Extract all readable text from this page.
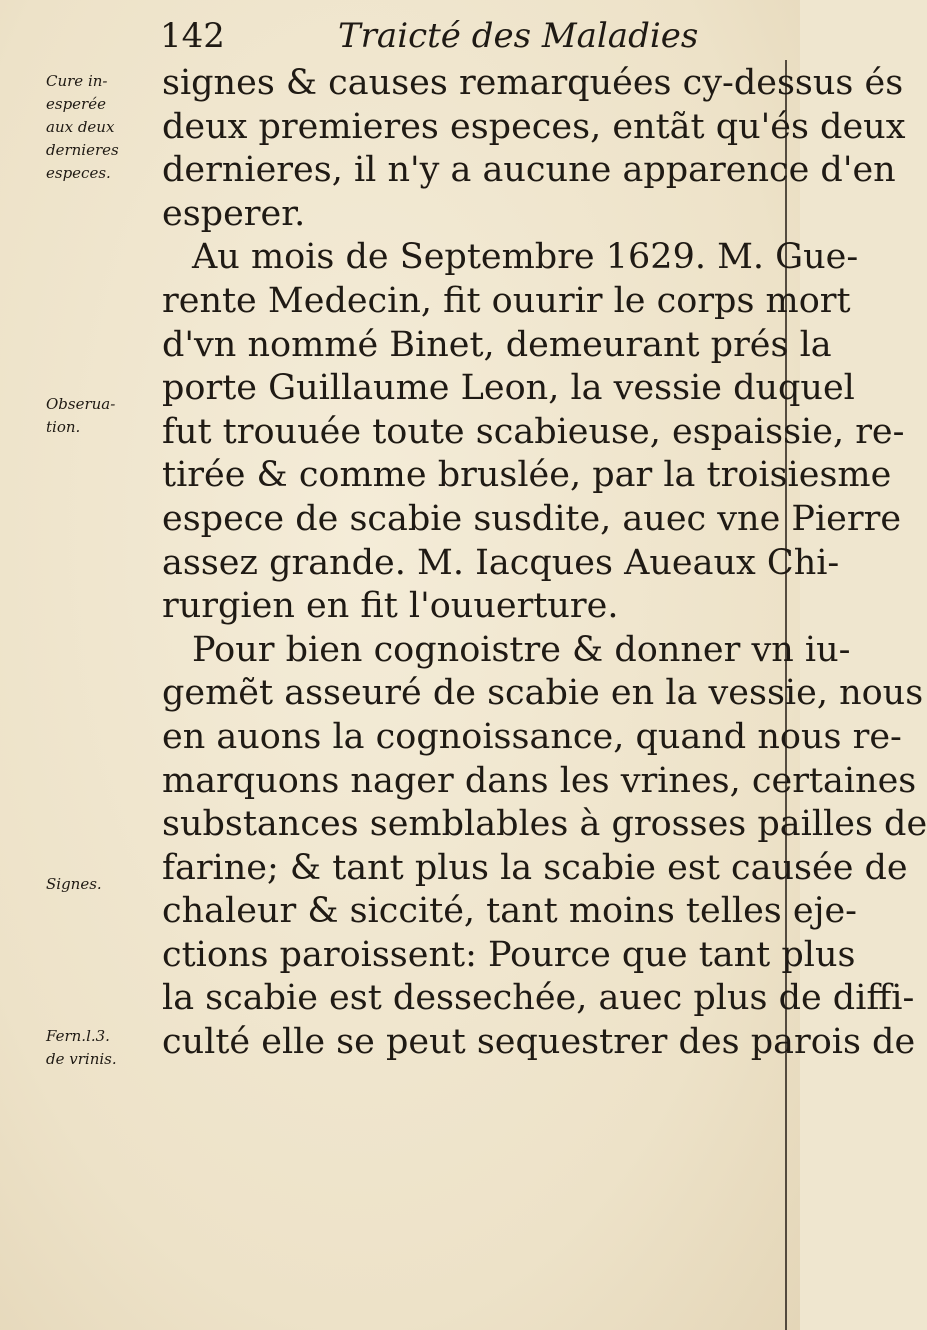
142	Traicté des Maladies
Cure in-
esperée
aux deux
dernieres
especes.
Obserua-
tion.
Signes.
Fern.l.3.
de vrinis.
signes & causes remarquées cy-dessus és
deux premieres especes, entãt qu'és deux
dernieres, il n'y a aucune apparence d'en
esperer.
Au mois de Septembre 1629. M. Gue-
rente Medecin, fit ouurir le corps mort
d'vn nommé Binet, demeurant prés la
porte Guillaume Leon, la vessie duquel
fut trouuée toute scabieuse, espaissie, re-
tirée & comme bruslée, par la troisiesme
espece de scabie susdite, auec vne Pierre
assez grande. M. Iacques Aueaux Chi-
rurgien en fit l'ouuerture.
Pour bien cognoistre & donner vn iu-
gemẽt asseuré de scabie en la vessie, nous
en auons la cognoissance, quand nous re-
marquons nager dans les vrines, certaines
substances semblables à grosses pailles de
farine; & tant plus la scabie est causée de
chaleur & siccité, tant moins telles eje-
ctions paroissent: Pource que tant plus
la scabie est dessechée, auec plus de diffi-
culté elle se peut sequestrer des parois de
